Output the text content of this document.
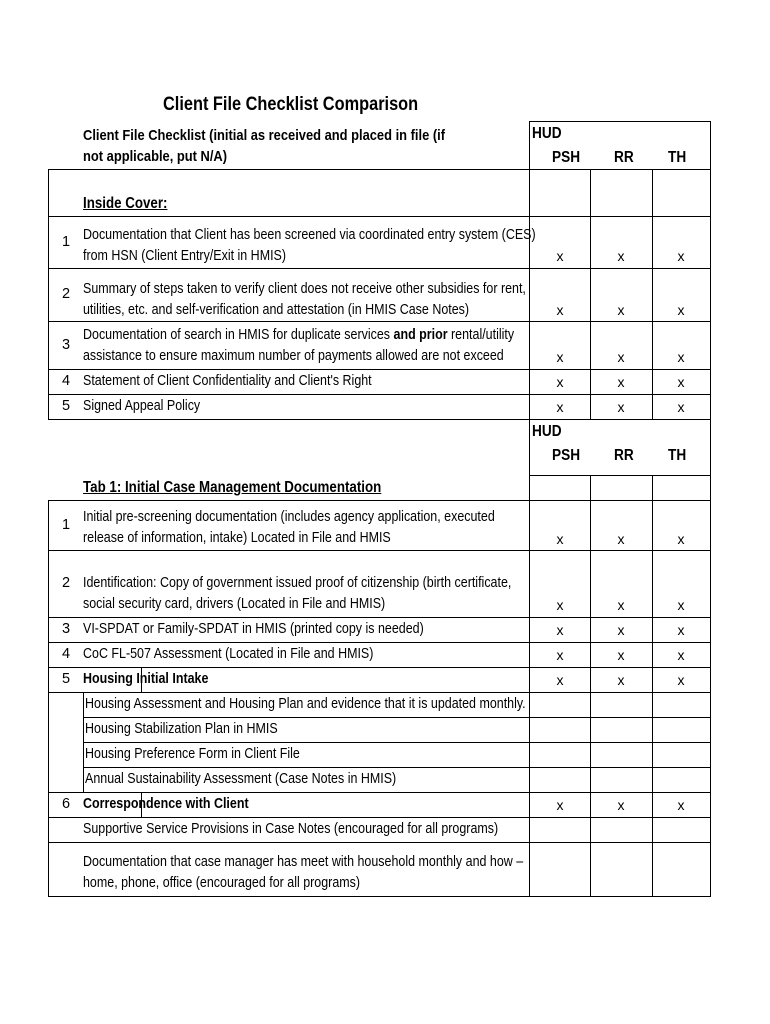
Client File Checklist Comparison
Client File Checklist (initial as received and placed in file (if not applicable, put N/A)
HUD
PSH RR TH
HUD
PSH RR TH
Inside Cover:
Tab 1: Initial Case Management Documentation
1 Documentation that Client has been screened via coordinated entry system (CES)
from HSN (Client Entry/Exit in HMIS)	x	x	x
2 Summary of steps taken to verify client does not receive other subsidies for rent,
utilities, etc. and self-verification and attestation (in HMIS Case Notes)	x	x	x
3
Documentation of search in HMIS for duplicate services and prior rental/utility
assistance to ensure maximum number of payments allowed are not exceed	x	x	x
4 Statement of Client Confidentiality and Client's Right	x	x	x
5 Signed Appeal Policy	x	x	x
1 Initial pre-screening documentation (includes agency application, executed
release of information, intake) Located in File and HMIS	x	x	x
2 Identification: Copy of government issued proof of citizenship (birth certificate,
social security card, drivers (Located in File and HMIS)	x	x	x
3 VI-SPDAT or Family-SPDAT in HMIS (printed copy is needed)	x	x	x
4 CoC FL-507 Assessment (Located in File and HMIS)	x	x	x
5 Housing Initial Intake	x	x	x
Housing Assessment and Housing Plan and evidence that it is updated monthly.
Housing Stabilization Plan in HMIS
Housing Preference Form in Client File
Annual Sustainability Assessment (Case Notes in HMIS)
6 Correspondence with Client	x	x	x
Supportive Service Provisions in Case Notes (encouraged for all programs)
Documentation that case manager has meet with household monthly and how –
home, phone, office (encouraged for all programs)
